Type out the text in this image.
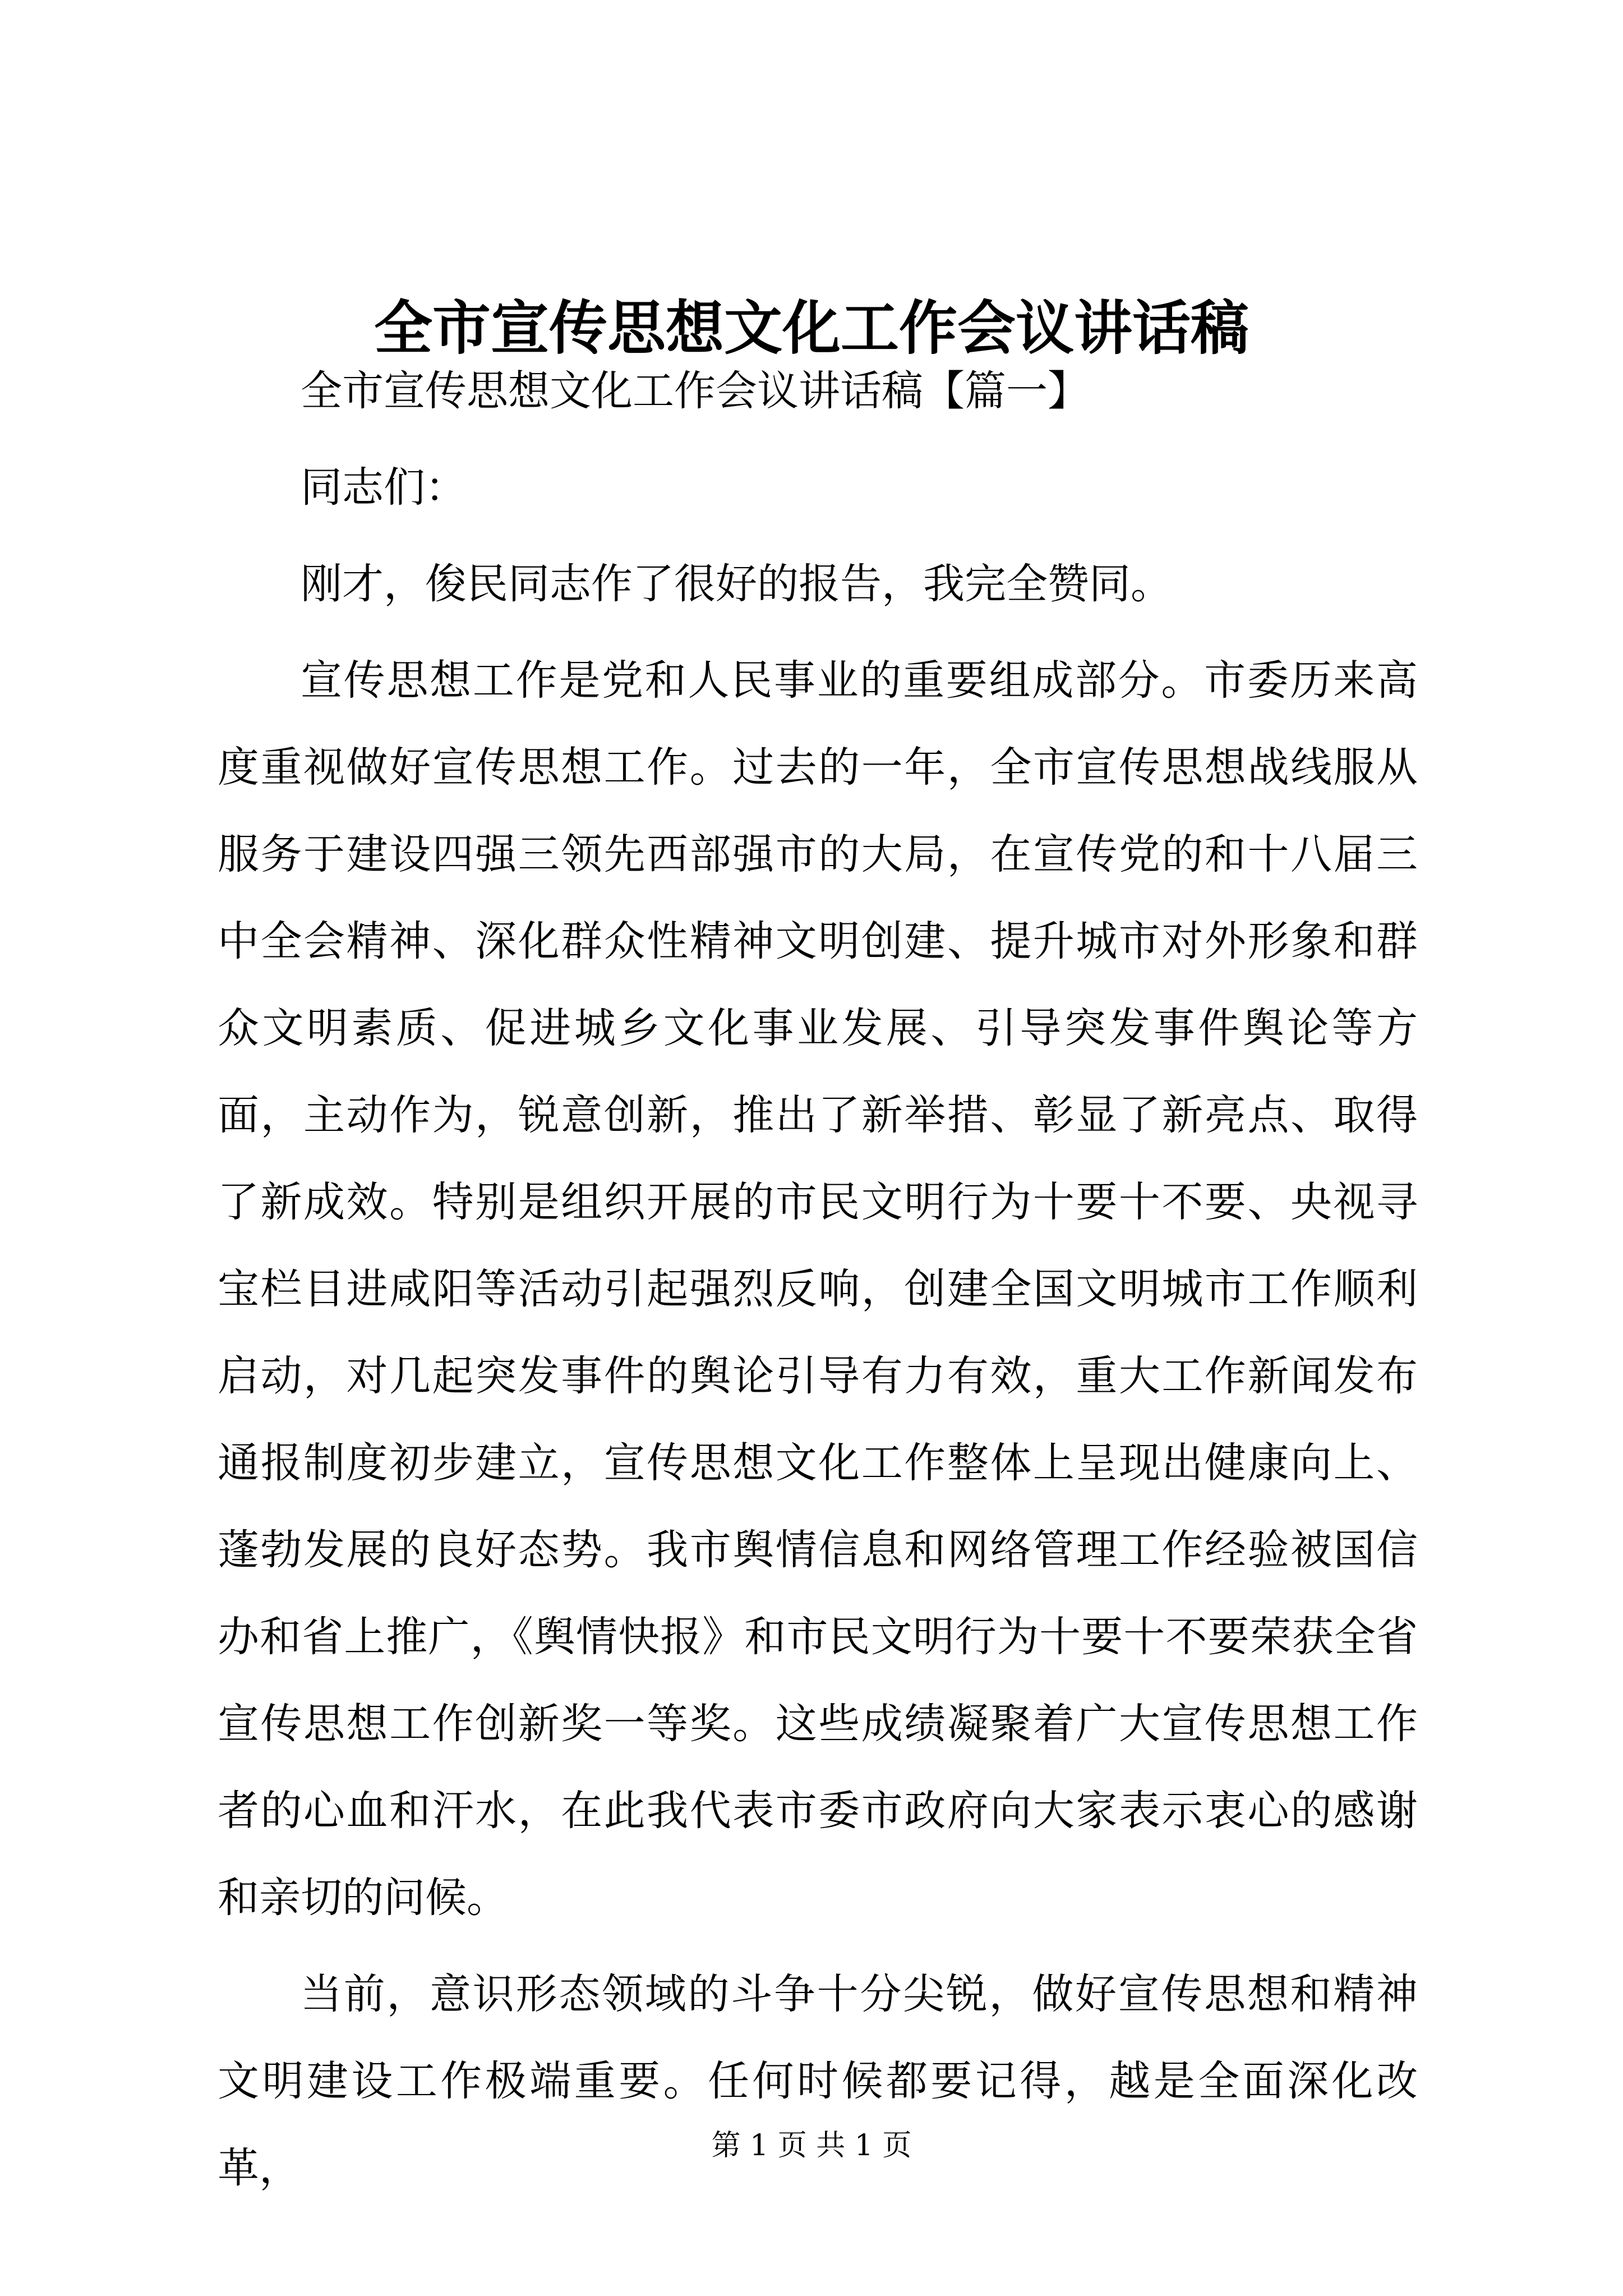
全市宣传思想文化工作会议讲话稿

全市宣传思想文化工作会议讲话稿【篇一】

同志们：

刚才，俊民同志作了很好的报告，我完全赞同。

宣传思想工作是党和人民事业的重要组成部分。市委历来高度重视做好宣传思想工作。过去的一年，全市宣传思想战线服从服务于建设四强三领先西部强市的大局，在宣传党的和十八届三中全会精神、深化群众性精神文明创建、提升城市对外形象和群众文明素质、促进城乡文化事业发展、引导突发事件舆论等方面，主动作为，锐意创新，推出了新举措、彰显了新亮点、取得了新成效。特别是组织开展的市民文明行为十要十不要、央视寻宝栏目进咸阳等活动引起强烈反响，创建全国文明城市工作顺利启动，对几起突发事件的舆论引导有力有效，重大工作新闻发布通报制度初步建立，宣传思想文化工作整体上呈现出健康向上、蓬勃发展的良好态势。我市舆情信息和网络管理工作经验被国信办和省上推广，《舆情快报》和市民文明行为十要十不要荣获全省宣传思想工作创新奖一等奖。这些成绩凝聚着广大宣传思想工作者的心血和汗水，在此我代表市委市政府向大家表示衷心的感谢和亲切的问候。

当前，意识形态领域的斗争十分尖锐，做好宣传思想和精神文明建设工作极端重要。任何时候都要记得，越是全面深化改革，	第 1 页 共 1 页
